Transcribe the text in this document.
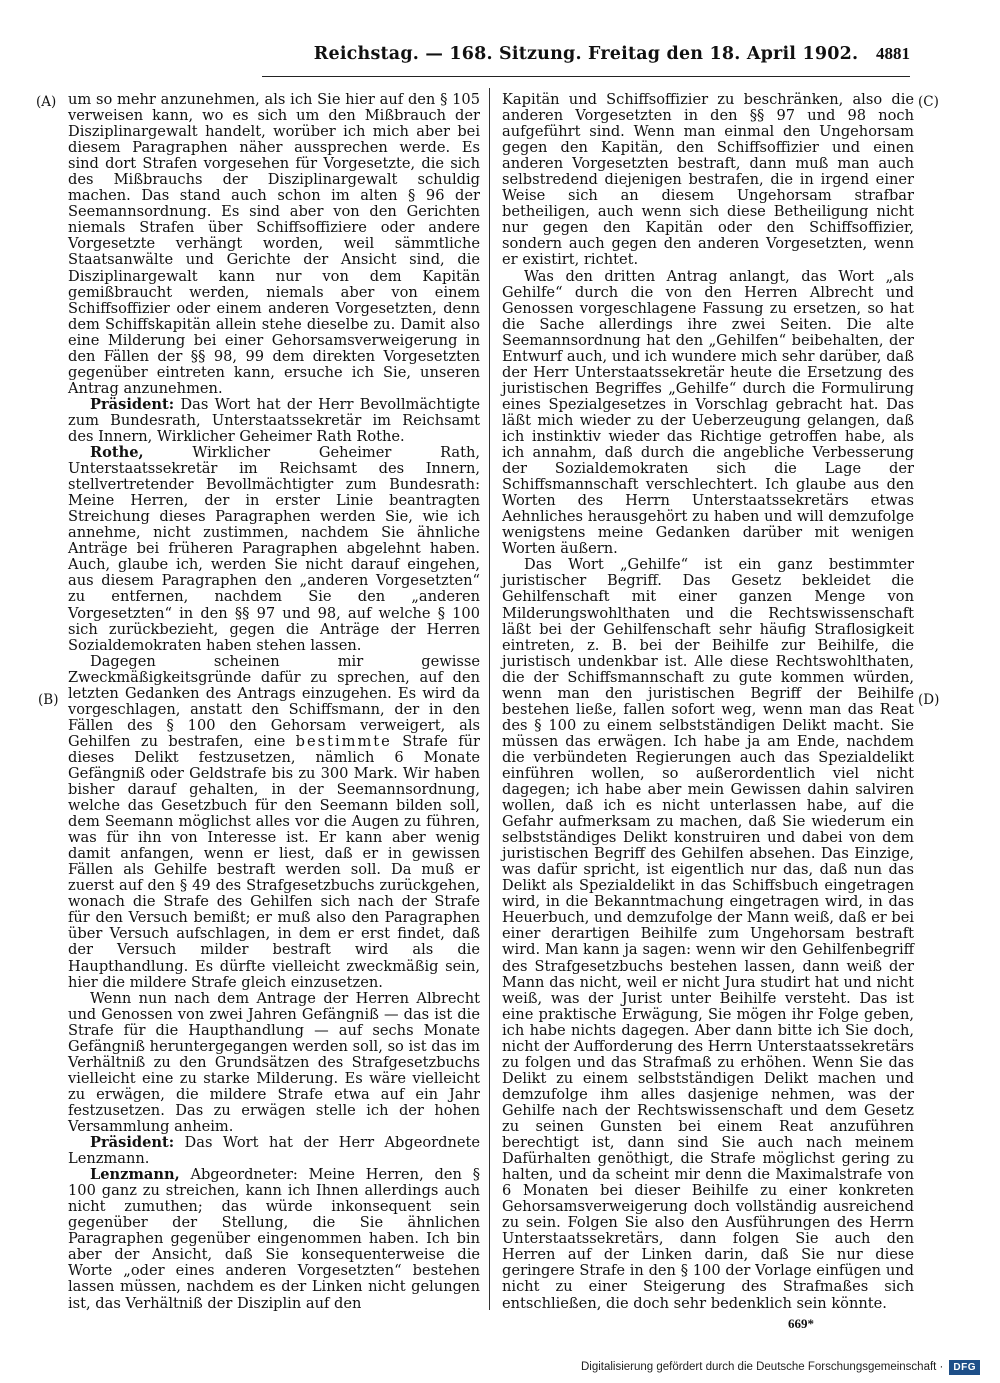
Reichstag. — 168. Sitzung. Freitag den 18. April 1902.	4881
(A)
(B)
(C)
(D)

um so mehr anzunehmen, als ich Sie hier auf den § 105 verweisen kann, wo es sich um den Mißbrauch der Disziplinargewalt handelt, worüber ich mich aber bei diesem Paragraphen näher aussprechen werde. Es sind dort Strafen vorgesehen für Vorgesetzte, die sich des Mißbrauchs der Disziplinargewalt schuldig machen. Das stand auch schon im alten § 96 der Seemannsordnung. Es sind aber von den Gerichten niemals Strafen über Schiffsoffiziere oder andere Vorgesetzte verhängt worden, weil sämmtliche Staatsanwälte und Gerichte der Ansicht sind, die Disziplinargewalt kann nur von dem Kapitän gemißbraucht werden, niemals aber von einem Schiffsoffizier oder einem anderen Vorgesetzten, denn dem Schiffskapitän allein stehe dieselbe zu. Damit also eine Milderung bei einer Gehorsamsverweigerung in den Fällen der §§ 98, 99 dem direkten Vorgesetzten gegenüber eintreten kann, ersuche ich Sie, unseren Antrag anzunehmen.

Präsident: Das Wort hat der Herr Bevollmächtigte zum Bundesrath, Unterstaatssekretär im Reichsamt des Innern, Wirklicher Geheimer Rath Rothe.

Rothe, Wirklicher Geheimer Rath, Unterstaatssekretär im Reichsamt des Innern, stellvertretender Bevollmächtigter zum Bundesrath: Meine Herren, der in erster Linie beantragten Streichung dieses Paragraphen werden Sie, wie ich annehme, nicht zustimmen, nachdem Sie ähnliche Anträge bei früheren Paragraphen abgelehnt haben. Auch, glaube ich, werden Sie nicht darauf eingehen, aus diesem Paragraphen den „anderen Vorgesetzten“ zu entfernen, nachdem Sie den „anderen Vorgesetzten“ in den §§ 97 und 98, auf welche § 100 sich zurückbezieht, gegen die Anträge der Herren Sozialdemokraten haben stehen lassen.

Dagegen scheinen mir gewisse Zweckmäßigkeitsgründe dafür zu sprechen, auf den letzten Gedanken des Antrags einzugehen. Es wird da vorgeschlagen, anstatt den Schiffsmann, der in den Fällen des § 100 den Gehorsam verweigert, als Gehilfen zu bestrafen, eine bestimmte Strafe für dieses Delikt festzusetzen, nämlich 6 Monate Gefängniß oder Geldstrafe bis zu 300 Mark. Wir haben bisher darauf gehalten, in der Seemannsordnung, welche das Gesetzbuch für den Seemann bilden soll, dem Seemann möglichst alles vor die Augen zu führen, was für ihn von Interesse ist. Er kann aber wenig damit anfangen, wenn er liest, daß er in gewissen Fällen als Gehilfe bestraft werden soll. Da muß er zuerst auf den § 49 des Strafgesetzbuchs zurückgehen, wonach die Strafe des Gehilfen sich nach der Strafe für den Versuch bemißt; er muß also den Paragraphen über Versuch aufschlagen, in dem er erst findet, daß der Versuch milder bestraft wird als die Haupthandlung. Es dürfte vielleicht zweckmäßig sein, hier die mildere Strafe gleich einzusetzen.

Wenn nun nach dem Antrage der Herren Albrecht und Genossen von zwei Jahren Gefängniß — das ist die Strafe für die Haupthandlung — auf sechs Monate Gefängniß heruntergegangen werden soll, so ist das im Verhältniß zu den Grundsätzen des Strafgesetzbuchs vielleicht eine zu starke Milderung. Es wäre vielleicht zu erwägen, die mildere Strafe etwa auf ein Jahr festzusetzen. Das zu erwägen stelle ich der hohen Versammlung anheim.

Präsident: Das Wort hat der Herr Abgeordnete Lenzmann.

Lenzmann, Abgeordneter: Meine Herren, den § 100 ganz zu streichen, kann ich Ihnen allerdings auch nicht zumuthen; das würde inkonsequent sein gegenüber der Stellung, die Sie ähnlichen Paragraphen gegenüber eingenommen haben. Ich bin aber der Ansicht, daß Sie konsequenterweise die Worte „oder eines anderen Vorgesetzten“ bestehen lassen müssen, nachdem es der Linken nicht gelungen ist, das Verhältniß der Disziplin auf den

Kapitän und Schiffsoffizier zu beschränken, also die anderen Vorgesetzten in den §§ 97 und 98 noch aufgeführt sind. Wenn man einmal den Ungehorsam gegen den Kapitän, den Schiffsoffizier und einen anderen Vorgesetzten bestraft, dann muß man auch selbstredend diejenigen bestrafen, die in irgend einer Weise sich an diesem Ungehorsam strafbar betheiligen, auch wenn sich diese Betheiligung nicht nur gegen den Kapitän oder den Schiffsoffizier, sondern auch gegen den anderen Vorgesetzten, wenn er existirt, richtet.

Was den dritten Antrag anlangt, das Wort „als Gehilfe“ durch die von den Herren Albrecht und Genossen vorgeschlagene Fassung zu ersetzen, so hat die Sache allerdings ihre zwei Seiten. Die alte Seemannsordnung hat den „Gehilfen“ beibehalten, der Entwurf auch, und ich wundere mich sehr darüber, daß der Herr Unterstaatssekretär heute die Ersetzung des juristischen Begriffes „Gehilfe“ durch die Formulirung eines Spezialgesetzes in Vorschlag gebracht hat. Das läßt mich wieder zu der Ueberzeugung gelangen, daß ich instinktiv wieder das Richtige getroffen habe, als ich annahm, daß durch die angebliche Verbesserung der Sozialdemokraten sich die Lage der Schiffsmannschaft verschlechtert. Ich glaube aus den Worten des Herrn Unterstaatssekretärs etwas Aehnliches herausgehört zu haben und will demzufolge wenigstens meine Gedanken darüber mit wenigen Worten äußern.

Das Wort „Gehilfe“ ist ein ganz bestimmter juristischer Begriff. Das Gesetz bekleidet die Gehilfenschaft mit einer ganzen Menge von Milderungswohlthaten und die Rechtswissenschaft läßt bei der Gehilfenschaft sehr häufig Straflosigkeit eintreten, z. B. bei der Beihilfe zur Beihilfe, die juristisch undenkbar ist. Alle diese Rechtswohlthaten, die der Schiffsmannschaft zu gute kommen würden, wenn man den juristischen Begriff der Beihilfe bestehen ließe, fallen sofort weg, wenn man das Reat des § 100 zu einem selbstständigen Delikt macht. Sie müssen das erwägen. Ich habe ja am Ende, nachdem die verbündeten Regierungen auch das Spezialdelikt einführen wollen, so außerordentlich viel nicht dagegen; ich habe aber mein Gewissen dahin salviren wollen, daß ich es nicht unterlassen habe, auf die Gefahr aufmerksam zu machen, daß Sie wiederum ein selbstständiges Delikt konstruiren und dabei von dem juristischen Begriff des Gehilfen absehen. Das Einzige, was dafür spricht, ist eigentlich nur das, daß nun das Delikt als Spezialdelikt in das Schiffsbuch eingetragen wird, in die Bekanntmachung eingetragen wird, in das Heuerbuch, und demzufolge der Mann weiß, daß er bei einer derartigen Beihilfe zum Ungehorsam bestraft wird. Man kann ja sagen: wenn wir den Gehilfenbegriff des Strafgesetzbuchs bestehen lassen, dann weiß der Mann das nicht, weil er nicht Jura studirt hat und nicht weiß, was der Jurist unter Beihilfe versteht. Das ist eine praktische Erwägung, Sie mögen ihr Folge geben, ich habe nichts dagegen. Aber dann bitte ich Sie doch, nicht der Aufforderung des Herrn Unterstaatssekretärs zu folgen und das Strafmaß zu erhöhen. Wenn Sie das Delikt zu einem selbstständigen Delikt machen und demzufolge ihm alles dasjenige nehmen, was der Gehilfe nach der Rechtswissenschaft und dem Gesetz zu seinen Gunsten bei einem Reat anzuführen berechtigt ist, dann sind Sie auch nach meinem Dafürhalten genöthigt, die Strafe möglichst gering zu halten, und da scheint mir denn die Maximalstrafe von 6 Monaten bei dieser Beihilfe zu einer konkreten Gehorsamsverweigerung doch vollständig ausreichend zu sein. Folgen Sie also den Ausführungen des Herrn Unterstaatssekretärs, dann folgen Sie auch den Herren auf der Linken darin, daß Sie nur diese geringere Strafe in den § 100 der Vorlage einfügen und nicht zu einer Steigerung des Strafmaßes sich entschließen, die doch sehr bedenklich sein könnte.

669*
Digitalisierung gefördert durch die Deutsche Forschungsgemeinschaft ·	DFG
